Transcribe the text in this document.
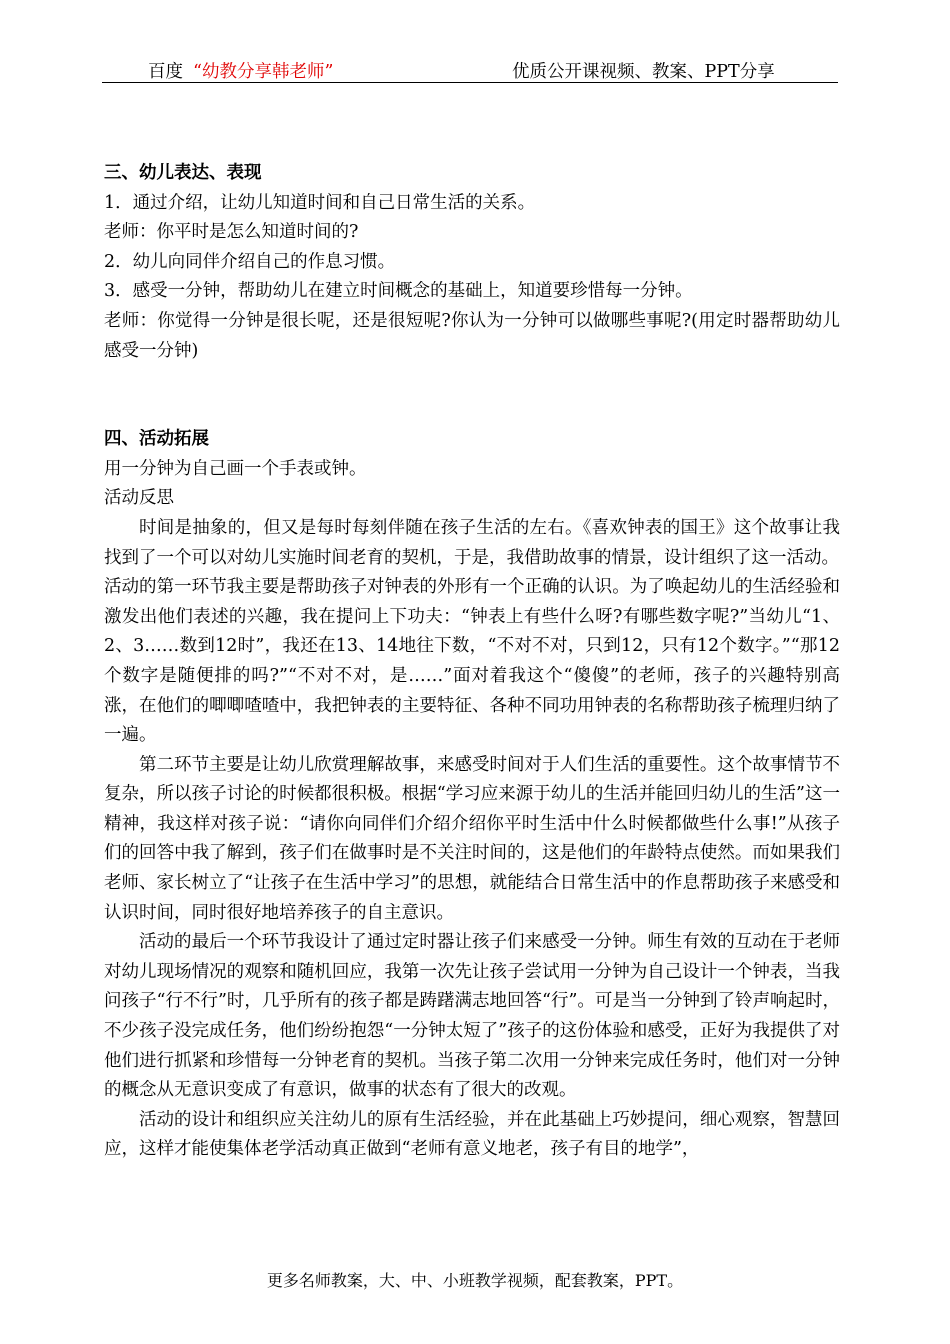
百度 “幼教分享韩老师”	优质公开课视频、教案、PPT分享
三、幼儿表达、表现

1．通过介绍，让幼儿知道时间和自己日常生活的关系。

老师：你平时是怎么知道时间的?

2．幼儿向同伴介绍自己的作息习惯。

3．感受一分钟，帮助幼儿在建立时间概念的基础上，知道要珍惜每一分钟。

老师：你觉得一分钟是很长呢，还是很短呢?你认为一分钟可以做哪些事呢?(用定时器帮助幼儿感受一分钟)

四、活动拓展

用一分钟为自己画一个手表或钟。

活动反思

时间是抽象的，但又是每时每刻伴随在孩子生活的左右。《喜欢钟表的国王》这个故事让我找到了一个可以对幼儿实施时间老育的契机，于是，我借助故事的情景，设计组织了这一活动。

活动的第一环节我主要是帮助孩子对钟表的外形有一个正确的认识。为了唤起幼儿的生活经验和激发出他们表述的兴趣，我在提问上下功夫：“钟表上有些什么呀?有哪些数字呢?”当幼儿“1、2、3……数到12时”，我还在13、14地往下数，“不对不对，只到12，只有12个数字。”“那12个数字是随便排的吗?”“不对不对，是……”面对着我这个“傻傻”的老师，孩子的兴趣特别高涨，在他们的唧唧喳喳中，我把钟表的主要特征、各种不同功用钟表的名称帮助孩子梳理归纳了一遍。

第二环节主要是让幼儿欣赏理解故事，来感受时间对于人们生活的重要性。这个故事情节不复杂，所以孩子讨论的时候都很积极。根据“学习应来源于幼儿的生活并能回归幼儿的生活”这一精神，我这样对孩子说：“请你向同伴们介绍介绍你平时生活中什么时候都做些什么事!”从孩子们的回答中我了解到，孩子们在做事时是不关注时间的，这是他们的年龄特点使然。而如果我们老师、家长树立了“让孩子在生活中学习”的思想，就能结合日常生活中的作息帮助孩子来感受和认识时间，同时很好地培养孩子的自主意识。

活动的最后一个环节我设计了通过定时器让孩子们来感受一分钟。师生有效的互动在于老师对幼儿现场情况的观察和随机回应，我第一次先让孩子尝试用一分钟为自己设计一个钟表，当我问孩子“行不行”时，几乎所有的孩子都是踌躇满志地回答“行”。可是当一分钟到了铃声响起时，不少孩子没完成任务，他们纷纷抱怨“一分钟太短了”孩子的这份体验和感受，正好为我提供了对他们进行抓紧和珍惜每一分钟老育的契机。当孩子第二次用一分钟来完成任务时，他们对一分钟的概念从无意识变成了有意识，做事的状态有了很大的改观。

活动的设计和组织应关注幼儿的原有生活经验，并在此基础上巧妙提问，细心观察，智慧回应，这样才能使集体老学活动真正做到“老师有意义地老，孩子有目的地学”，

更多名师教案，大、中、小班教学视频，配套教案，PPT。
